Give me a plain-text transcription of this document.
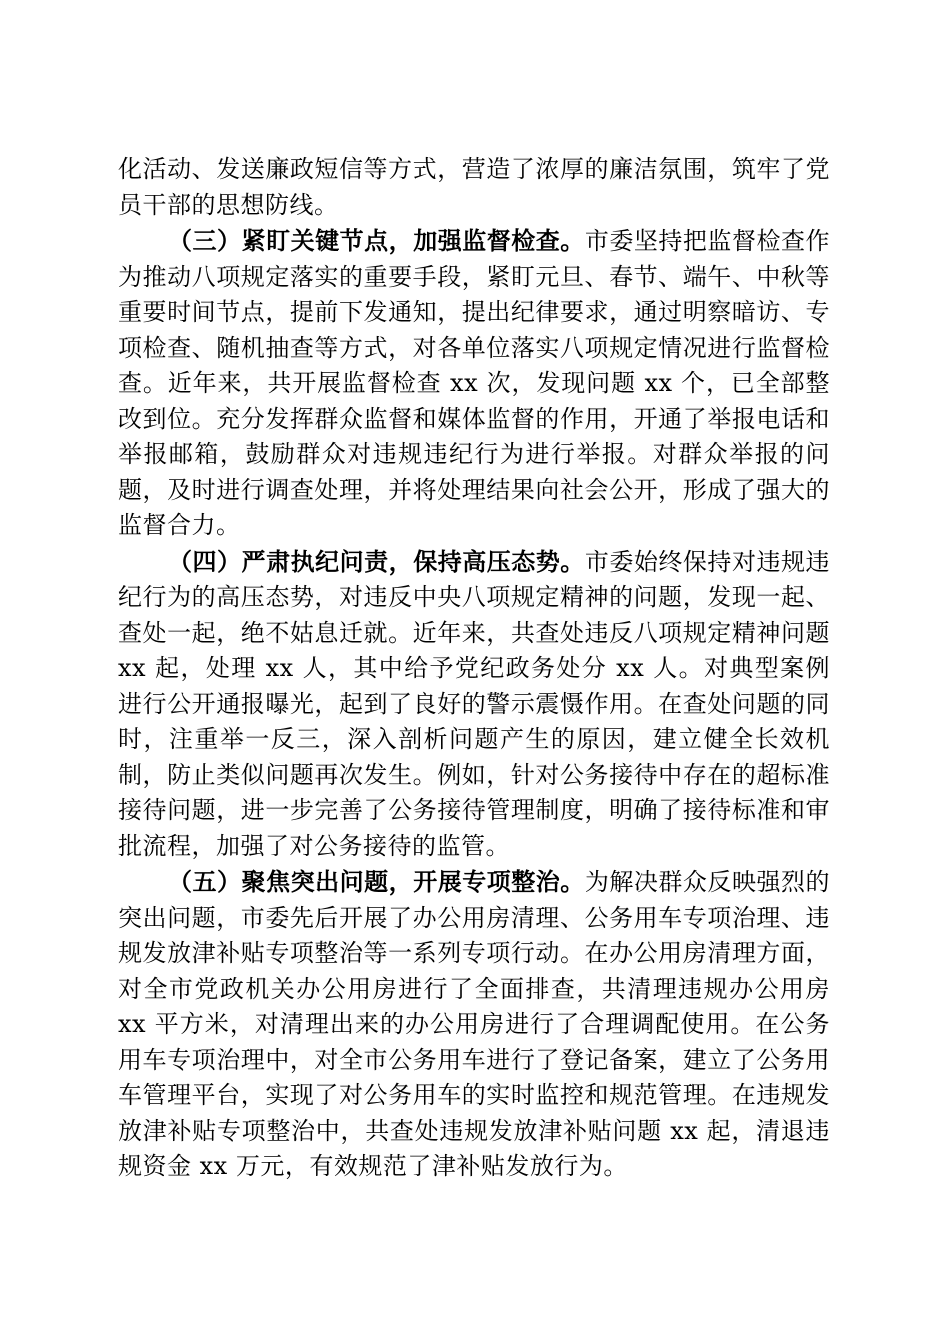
化活动、发送廉政短信等方式，营造了浓厚的廉洁氛围，筑牢了党员干部的思想防线。

（三）紧盯关键节点，加强监督检查。市委坚持把监督检查作为推动八项规定落实的重要手段，紧盯元旦、春节、端午、中秋等重要时间节点，提前下发通知，提出纪律要求，通过明察暗访、专项检查、随机抽查等方式，对各单位落实八项规定情况进行监督检查。近年来，共开展监督检查 xx 次，发现问题 xx 个，已全部整改到位。充分发挥群众监督和媒体监督的作用，开通了举报电话和举报邮箱，鼓励群众对违规违纪行为进行举报。对群众举报的问题，及时进行调查处理，并将处理结果向社会公开，形成了强大的监督合力。

（四）严肃执纪问责，保持高压态势。市委始终保持对违规违纪行为的高压态势，对违反中央八项规定精神的问题，发现一起、查处一起，绝不姑息迁就。近年来，共查处违反八项规定精神问题 xx 起，处理 xx 人，其中给予党纪政务处分 xx 人。对典型案例进行公开通报曝光，起到了良好的警示震慑作用。在查处问题的同时，注重举一反三，深入剖析问题产生的原因，建立健全长效机制，防止类似问题再次发生。例如，针对公务接待中存在的超标准接待问题，进一步完善了公务接待管理制度，明确了接待标准和审批流程，加强了对公务接待的监管。

（五）聚焦突出问题，开展专项整治。为解决群众反映强烈的突出问题，市委先后开展了办公用房清理、公务用车专项治理、违规发放津补贴专项整治等一系列专项行动。在办公用房清理方面，对全市党政机关办公用房进行了全面排查，共清理违规办公用房 xx 平方米，对清理出来的办公用房进行了合理调配使用。在公务用车专项治理中，对全市公务用车进行了登记备案，建立了公务用车管理平台，实现了对公务用车的实时监控和规范管理。在违规发放津补贴专项整治中，共查处违规发放津补贴问题 xx 起，清退违规资金 xx 万元，有效规范了津补贴发放行为。
